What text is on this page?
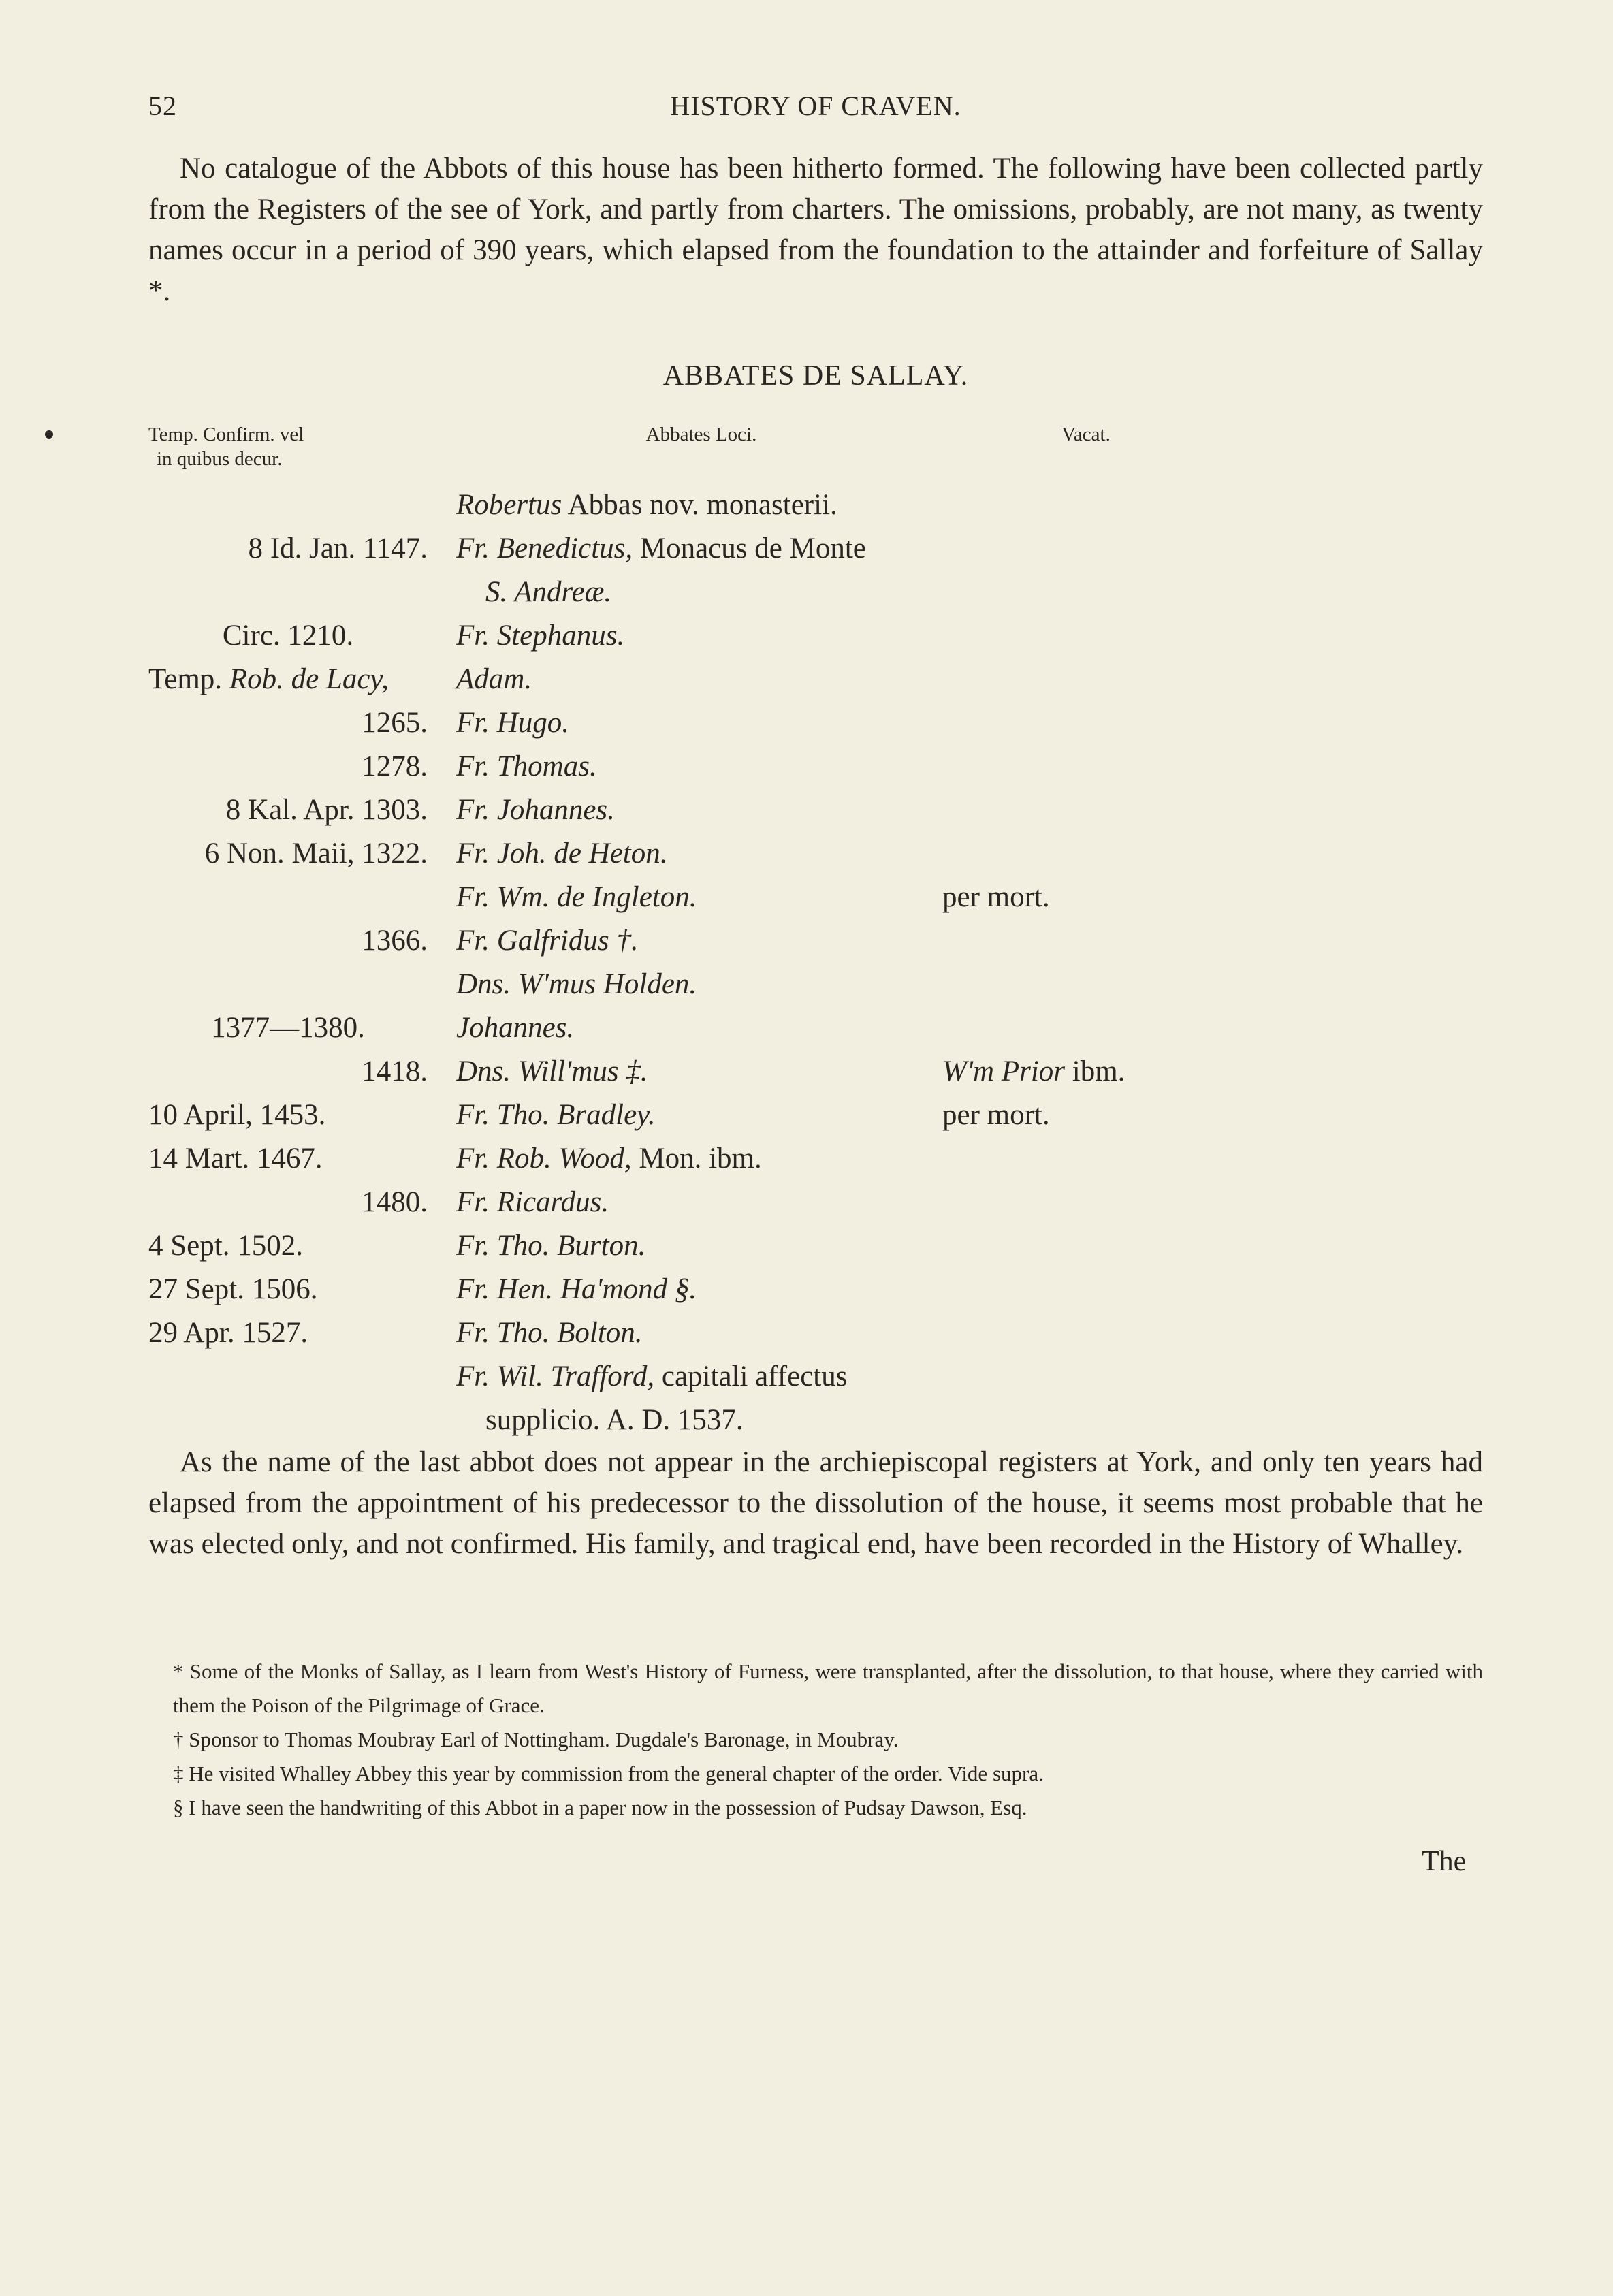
52	HISTORY OF CRAVEN.

No catalogue of the Abbots of this house has been hitherto formed. The following have been collected partly from the Registers of the see of York, and partly from charters. The omissions, probably, are not many, as twenty names occur in a period of 390 years, which elapsed from the foundation to the attainder and forfeiture of Sallay *.

ABBATES DE SALLAY.
Temp. Confirm. vel
in quibus decur.
Abbates Loci.	Vacat.
Robertus Abbas nov. monasterii.
8 Id. Jan. 1147. Fr. Benedictus, Monacus de Monte
S. Andreæ.
Circ. 1210.	Fr. Stephanus.
Temp. Rob. de Lacy,	Adam.
1265. Fr. Hugo.
1278. Fr. Thomas.
8 Kal. Apr. 1303. Fr. Johannes.
6 Non. Maii, 1322. Fr. Joh. de Heton.
Fr. Wm. de Ingleton.	per mort.
1366. Fr. Galfridus †.
Dns. W'mus Holden.
1377—1380.	Johannes.
1418. Dns. Will'mus ‡.	W'm Prior ibm.
10 April, 1453.	Fr. Tho. Bradley.	per mort.
14 Mart. 1467.	Fr. Rob. Wood, Mon. ibm.
1480. Fr. Ricardus.
4 Sept. 1502.	Fr. Tho. Burton.
27 Sept. 1506.	Fr. Hen. Ha'mond §.
29 Apr. 1527.	Fr. Tho. Bolton.
Fr. Wil. Trafford, capitali affectus
supplicio. A. D. 1537.

As the name of the last abbot does not appear in the archiepiscopal registers at York, and only ten years had elapsed from the appointment of his predecessor to the dissolution of the house, it seems most probable that he was elected only, and not confirmed. His family, and tragical end, have been recorded in the History of Whalley.

* Some of the Monks of Sallay, as I learn from West's History of Furness, were transplanted, after the dissolution, to that house, where they carried with them the Poison of the Pilgrimage of Grace.
† Sponsor to Thomas Moubray Earl of Nottingham. Dugdale's Baronage, in Moubray.
‡ He visited Whalley Abbey this year by commission from the general chapter of the order. Vide supra.
§ I have seen the handwriting of this Abbot in a paper now in the possession of Pudsay Dawson, Esq.
The
